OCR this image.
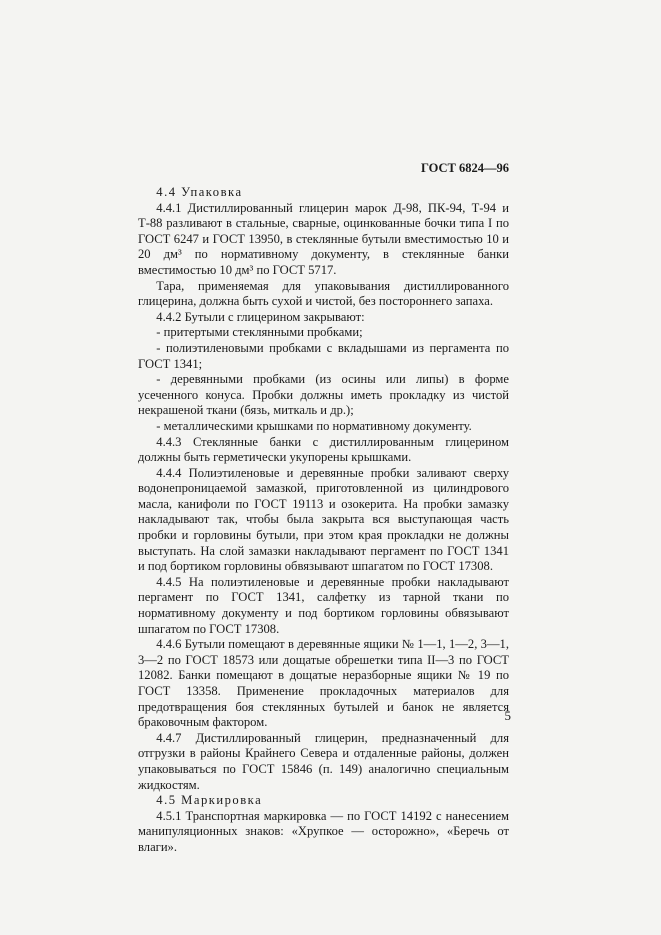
ГОСТ 6824—96

4.4 Упаковка

4.4.1 Дистиллированный глицерин марок Д-98, ПК-94, Т-94 и Т-88 разливают в стальные, сварные, оцинкованные бочки типа I по ГОСТ 6247 и ГОСТ 13950, в стеклянные бутыли вместимостью 10 и 20 дм³ по нормативному документу, в стеклянные банки вместимостью 10 дм³ по ГОСТ 5717.

Тара, применяемая для упаковывания дистиллированного глицерина, должна быть сухой и чистой, без постороннего запаха.

4.4.2 Бутыли с глицерином закрывают:

- притертыми стеклянными пробками;

- полиэтиленовыми пробками с вкладышами из пергамента по ГОСТ 1341;

- деревянными пробками (из осины или липы) в форме усеченного конуса. Пробки должны иметь прокладку из чистой некрашеной ткани (бязь, миткаль и др.);

- металлическими крышками по нормативному документу.

4.4.3 Стеклянные банки с дистиллированным глицерином должны быть герметически укупорены крышками.

4.4.4 Полиэтиленовые и деревянные пробки заливают сверху водонепроницаемой замазкой, приготовленной из цилиндрового масла, канифоли по ГОСТ 19113 и озокерита. На пробки замазку накладывают так, чтобы была закрыта вся выступающая часть пробки и горловины бутыли, при этом края прокладки не должны выступать. На слой замазки накладывают пергамент по ГОСТ 1341 и под бортиком горловины обвязывают шпагатом по ГОСТ 17308.

4.4.5 На полиэтиленовые и деревянные пробки накладывают пергамент по ГОСТ 1341, салфетку из тарной ткани по нормативному документу и под бортиком горловины обвязывают шпагатом по ГОСТ 17308.

4.4.6 Бутыли помещают в деревянные ящики № 1—1, 1—2, 3—1, 3—2 по ГОСТ 18573 или дощатые обрешетки типа II—3 по ГОСТ 12082. Банки помещают в дощатые неразборные ящики № 19 по ГОСТ 13358. Применение прокладочных материалов для предотвращения боя стеклянных бутылей и банок не является браковочным фактором.

4.4.7 Дистиллированный глицерин, предназначенный для отгрузки в районы Крайнего Севера и отдаленные районы, должен упаковываться по ГОСТ 15846 (п. 149) аналогично специальным жидкостям.

4.5 Маркировка

4.5.1 Транспортная маркировка — по ГОСТ 14192 с нанесением манипуляционных знаков: «Хрупкое — осторожно», «Беречь от влаги».

5
